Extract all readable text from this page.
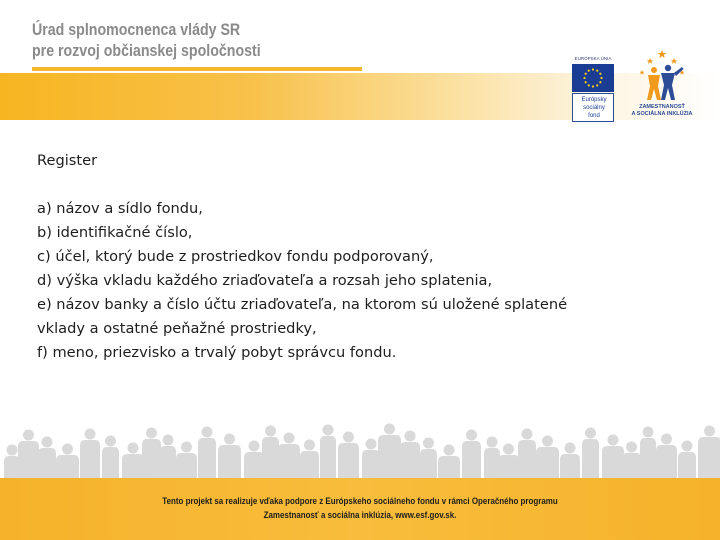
Úrad splnomocnenca vlády SR
pre rozvoj občianskej spoločnosti	EURÓPSKA ÚNIA
Európsky
sociálny
fond
ZAMESTNANOSŤ
A SOCIÁLNA INKLÚZIA
Register
a) názov a sídlo fondu,
b) identifikačné číslo,
c) účel, ktorý bude z prostriedkov fondu podporovaný,
d) výška vkladu každého zriaďovateľa a rozsah jeho splatenia,
e) názov banky a číslo účtu zriaďovateľa, na ktorom sú uložené splatené
vklady a ostatné peňažné prostriedky,
f) meno, priezvisko a trvalý pobyt správcu fondu.
Tento projekt sa realizuje vďaka podpore z Európskeho sociálneho fondu v rámci Operačného programu
Zamestnanosť a sociálna inklúzia, www.esf.gov.sk.
